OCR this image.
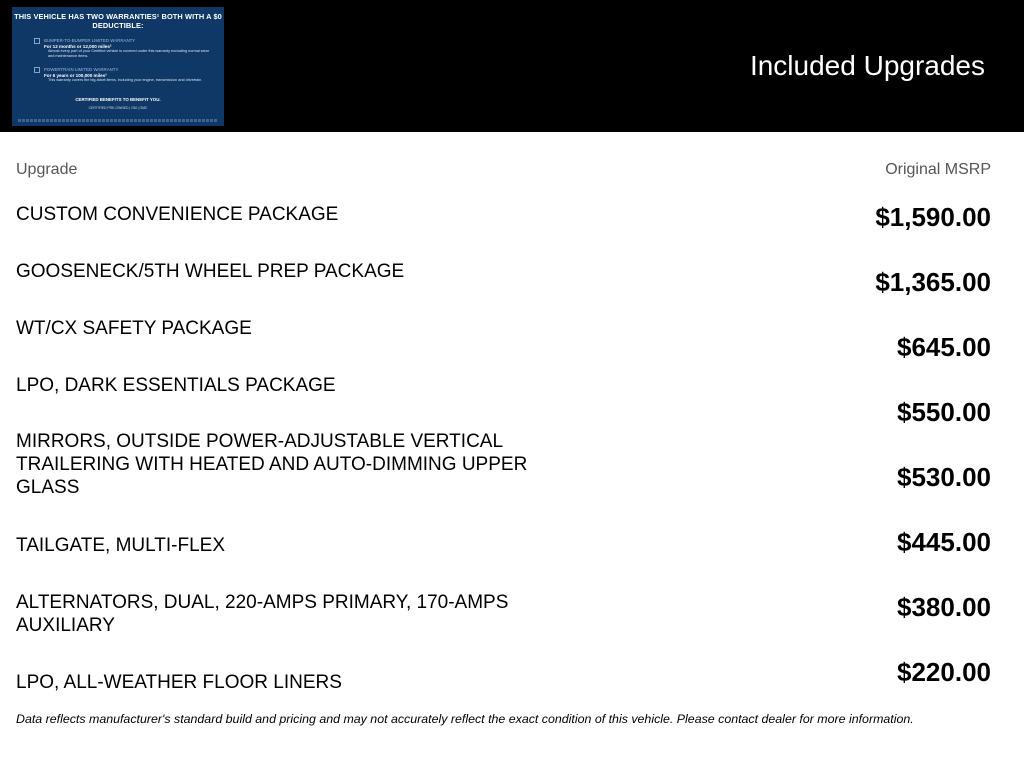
THIS VEHICLE HAS TWO WARRANTIES¹ BOTH WITH A $0 DEDUCTIBLE:
BUMPER-TO-BUMPER LIMITED WARRANTY
For 12 months or 12,000 miles²
Almost every part of your Certified vehicle is covered under this warranty excluding normal wear and maintenance items.
POWERTRAIN LIMITED WARRANTY
For 6 years or 100,000 miles²
This warranty covers the big-ticket items, including your engine, transmission and drivetrain.
CERTIFIED BENEFITS TO BENEFIT YOU.
CERTIFIED PRE-OWNED | GM | GMC
Included Upgrades
Upgrade	Original MSRP
CUSTOM CONVENIENCE PACKAGE
GOOSENECK/5TH WHEEL PREP PACKAGE
WT/CX SAFETY PACKAGE
LPO, DARK ESSENTIALS PACKAGE
MIRRORS, OUTSIDE POWER-ADJUSTABLE VERTICAL TRAILERING WITH HEATED AND AUTO-DIMMING UPPER GLASS
TAILGATE, MULTI-FLEX
ALTERNATORS, DUAL, 220-AMPS PRIMARY, 170-AMPS AUXILIARY
LPO, ALL-WEATHER FLOOR LINERS
$1,590.00
$1,365.00
$645.00
$550.00
$530.00
$445.00
$380.00
$220.00
Data reflects manufacturer's standard build and pricing and may not accurately reflect the exact condition of this vehicle. Please contact dealer for more information.
